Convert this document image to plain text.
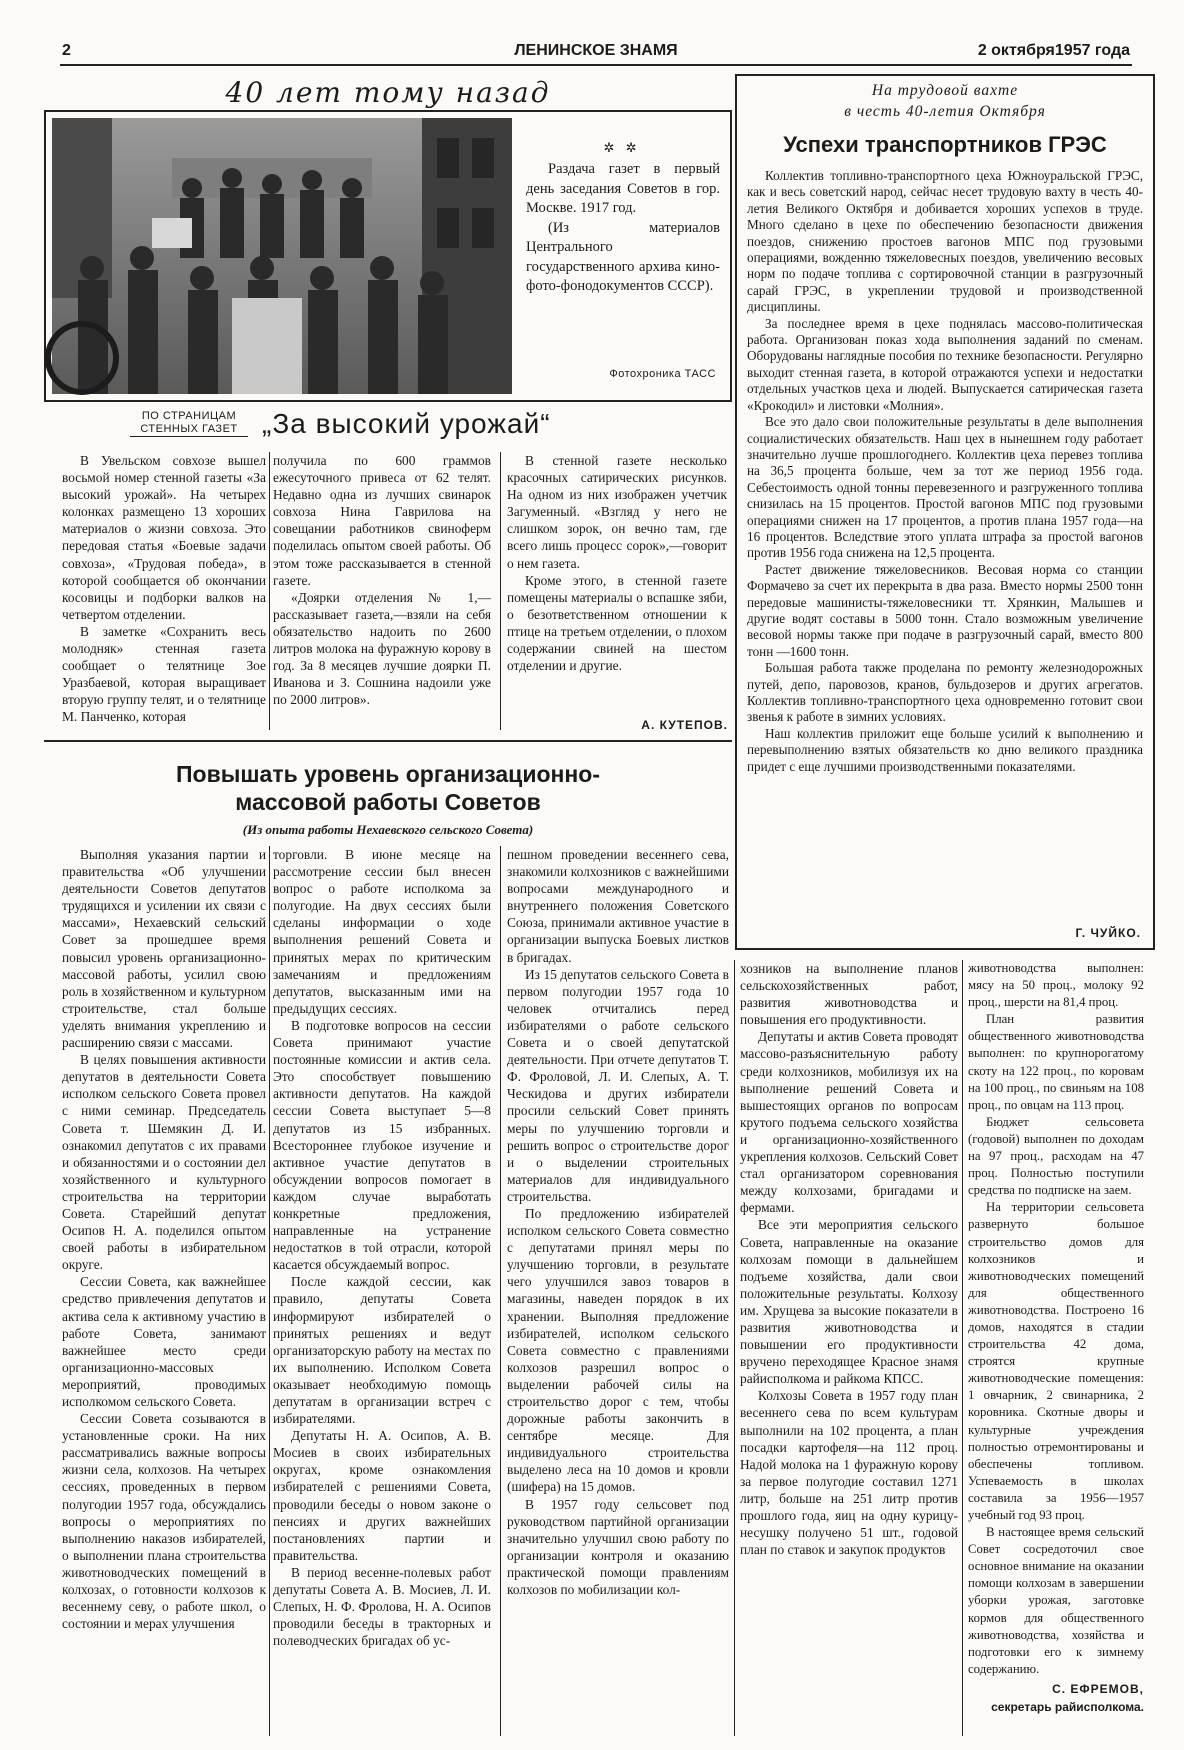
2	ЛЕНИНСКОЕ ЗНАМЯ	2 октября1957 года
40 лет тому назад
✲ ✲

Раздача газет в первый день заседания Советов в гор. Москве. 1917 год.

(Из материалов Центрального государственного архива кино-фото-фонодокументов СССР).

Фотохроника ТАСС
ПО СТРАНИЦАМ
СТЕННЫХ ГАЗЕТ „За высокий урожай“

В Увельском совхозе вышел восьмой номер стенной газеты «За высокий урожай». На четырех колонках размещено 13 хороших материалов о жизни совхоза. Это передовая статья «Боевые задачи совхоза», «Трудовая победа», в которой сообщается об окончании косовицы и подборки валков на четвертом отделении.

В заметке «Сохранить весь молодняк» стенная газета сообщает о телятнице Зое Уразбаевой, которая выращивает вторую группу телят, и о телятнице М. Панченко, которая

получила по 600 граммов ежесуточного привеса от 62 телят. Недавно одна из лучших свинарок совхоза Нина Гаврилова на совещании работников свиноферм поделилась опытом своей работы. Об этом тоже рассказывается в стенной газете.

«Доярки отделения № 1,— рассказывает газета,—взяли на себя обязательство надоить по 2600 литров молока на фуражную корову в год. За 8 месяцев лучшие доярки П. Иванова и З. Сошнина надоили уже по 2000 литров».

В стенной газете несколько красочных сатирических рисунков. На одном из них изображен учетчик Загуменный. «Взгляд у него не слишком зорок, он вечно там, где всего лишь процесс сорок»,—говорит о нем газета.

Кроме этого, в стенной газете помещены материалы о вспашке зяби, о безответственном отношении к птице на третьем отделении, о плохом содержании свиней на шестом отделении и другие.

А. КУТЕПОВ.
На трудовой вахте
в честь 40-летия Октября
Успехи транспортников ГРЭС

Коллектив топливно-транспортного цеха Южноуральской ГРЭС, как и весь советский народ, сейчас несет трудовую вахту в честь 40-летия Великого Октября и добивается хороших успехов в труде. Много сделано в цехе по обеспечению безопасности движения поездов, снижению простоев вагонов МПС под грузовыми операциями, вожденню тяжеловесных поездов, увеличению весовых норм по подаче топлива с сортировочной станции в разгрузочный сарай ГРЭС, в укреплении трудовой и производственной дисциплины.

За последнее время в цехе поднялась массово-политическая работа. Организован показ хода выполнения заданий по сменам. Оборудованы наглядные пособия по технике безопасности. Регулярно выходит стенная газета, в которой отражаются успехи и недостатки отдельных участков цеха и людей. Выпускается сатирическая газета «Крокодил» и листовки «Молния».

Все это дало свои положительные результаты в деле выполнения социалистических обязательств. Наш цех в нынешнем году работает значительно лучше прошлогоднего. Коллектив цеха перевез топлива на 36,5 процента больше, чем за тот же период 1956 года. Себестоимость одной тонны перевезенного и разгруженного топлива снизилась на 15 процентов. Простой вагонов МПС под грузовыми операциями снижен на 17 процентов, а против плана 1957 года—на 16 процентов. Вследствие этого уплата штрафа за простой вагонов против 1956 года снижена на 12,5 процента.

Растет движение тяжеловесников. Весовая норма со станции Формачево за счет их перекрыта в два раза. Вместо нормы 2500 тонн передовые машинисты-тяжеловесники тт. Хрянкин, Малышев и другие водят составы в 5000 тонн. Стало возможным увеличение весовой нормы также при подаче в разгрузочный сарай, вместо 800 тонн —1600 тонн.

Большая работа также проделана по ремонту железнодорожных путей, депо, паровозов, кранов, бульдозеров и других агрегатов. Коллектив топливно-транспортного цеха одновременно готовит свои звенья к работе в зимних условиях.

Наш коллектив приложит еще больше усилий к выполнению и перевыполнению взятых обязательств ко дню великого праздника придет с еще лучшими производственными показателями.

Г. ЧУЙКО.
Повышать уровень организационно-
массовой работы Советов
(Из опыта работы Нехаевского сельского Совета)

Выполняя указания партии и правительства «Об улучшении деятельности Советов депутатов трудящихся и усилении их связи с массами», Нехаевский сельский Совет за прошедшее время повысил уровень организационно-массовой работы, усилил свою роль в хозяйственном и культурном строительстве, стал больше уделять внимания укреплению и расширению связи с массами.

В целях повышения активности депутатов в деятельности Совета исполком сельского Совета провел с ними семинар. Председатель Совета т. Шемякин Д. И. ознакомил депутатов с их правами и обязанностями и о состоянии дел хозяйственного и культурного строительства на территории Совета. Старейший депутат Осипов Н. А. поделился опытом своей работы в избирательном округе.

Сессии Совета, как важнейшее средство привлечения депутатов и актива села к активному участию в работе Совета, занимают важнейшее место среди организационно-массовых мероприятий, проводимых исполкомом сельского Совета.

Сессии Совета созываются в установленные сроки. На них рассматривались важные вопросы жизни села, колхозов. На четырех сессиях, проведенных в первом полугодии 1957 года, обсуждались вопросы о мероприятиях по выполнению наказов избирателей, о выполнении плана строительства животноводческих помещений в колхозах, о готовности колхозов к весеннему севу, о работе школ, о состоянии и мерах улучшения

торговли. В июне месяце на рассмотрение сессии был внесен вопрос о работе исполкома за полугодие. На двух сессиях были сделаны информации о ходе выполнения решений Совета и принятых мерах по критическим замечаниям и предложениям депутатов, высказанным ими на предыдущих сессиях.

В подготовке вопросов на сессии Совета принимают участие постоянные комиссии и актив села. Это способствует повышению активности депутатов. На каждой сессии Совета выступает 5—8 депутатов из 15 избранных. Всестороннее глубокое изучение и активное участие депутатов в обсуждении вопросов помогает в каждом случае выработать конкретные предложения, направленные на устранение недостатков в той отрасли, которой касается обсуждаемый вопрос.

После каждой сессии, как правило, депутаты Совета информируют избирателей о принятых решениях и ведут организаторскую работу на местах по их выполнению. Исполком Совета оказывает необходимую помощь депутатам в организации встреч с избирателями.

Депутаты Н. А. Осипов, А. В. Мосиев в своих избирательных округах, кроме ознакомления избирателей с решениями Совета, проводили беседы о новом законе о пенсиях и других важнейших постановлениях партии и правительства.

В период весенне-полевых работ депутаты Совета А. В. Мосиев, Л. И. Слепых, Н. Ф. Фролова, Н. А. Осипов проводили беседы в тракторных и полеводческих бригадах об ус-

пешном проведении весеннего сева, знакомили колхозников с важнейшими вопросами международного и внутреннего положения Советского Союза, принимали активное участие в организации выпуска Боевых листков в бригадах.

Из 15 депутатов сельского Совета в первом полугодии 1957 года 10 человек отчитались перед избирателями о работе сельского Совета и о своей депутатской деятельности. При отчете депутатов Т. Ф. Фроловой, Л. И. Слепых, А. Т. Ческидова и других избиратели просили сельский Совет принять меры по улучшению торговли и решить вопрос о строительстве дорог и о выделении строительных материалов для индивидуального строительства.

По предложению избирателей исполком сельского Совета совместно с депутатами принял меры по улучшению торговли, в результате чего улучшился завоз товаров в магазины, наведен порядок в их хранении. Выполняя предложение избирателей, исполком сельского Совета совместно с правлениями колхозов разрешил вопрос о выделении рабочей силы на строительство дорог с тем, чтобы дорожные работы закончить в сентябре месяце. Для индивидуального строительства выделено леса на 10 домов и кровли (шифера) на 15 домов.

В 1957 году сельсовет под руководством партийной организации значительно улучшил свою работу по организации контроля и оказанию практической помощи правлениям колхозов по мобилизации кол-

хозников на выполнение планов сельскохозяйственных работ, развития животноводства и повышения его продуктивности.

Депутаты и актив Совета проводят массово-разъяснительную работу среди колхозников, мобилизуя их на выполнение решений Совета и вышестоящих органов по вопросам крутого подъема сельского хозяйства и организационно-хозяйственного укрепления колхозов. Сельский Совет стал организатором соревнования между колхозами, бригадами и фермами.

Все эти мероприятия сельского Совета, направленные на оказание колхозам помощи в дальнейшем подъеме хозяйства, дали свои положительные результаты. Колхозу им. Хрущева за высокие показатели в развития животноводства и повышении его продуктивности вручено переходящее Красное знамя райисполкома и райкома КПСС.

Колхозы Совета в 1957 году план весеннего сева по всем культурам выполнили на 102 процента, а план посадки картофеля—на 112 проц. Надой молока на 1 фуражную корову за первое полугодие составил 1271 литр, больше на 251 литр против прошлого года, яиц на одну курицу-несушку получено 51 шт., годовой план по ставок и закупок продуктов

животноводства выполнен: мясу на 50 проц., молоку 92 проц., шерсти на 81,4 проц.

План развития общественного животноводства выполнен: по крупнорогатому скоту на 122 проц., по коровам на 100 проц., по свиньям на 108 проц., по овцам на 113 проц.

Бюджет сельсовета (годовой) выполнен по доходам на 97 проц., расходам на 47 проц. Полностью поступили средства по подписке на заем.

На территории сельсовета развернуто большое строительство домов для колхозников и животноводческих помещений для общественного животноводства. Построено 16 домов, находятся в стадии строительства 42 дома, строятся крупные животноводческие помещения: 1 овчарник, 2 свинарника, 2 коровника. Скотные дворы и культурные учреждения полностью отремонтированы и обеспечены топливом. Успеваемость в школах составила за 1956—1957 учебный год 93 проц.

В настоящее время сельский Совет сосредоточил свое основное внимание на оказании помощи колхозам в завершении уборки урожая, заготовке кормов для общественного животноводства, хозяйства и подготовки его к зимнему содержанию.

С. ЕФРЕМОВ,
секретарь райисполкома.
